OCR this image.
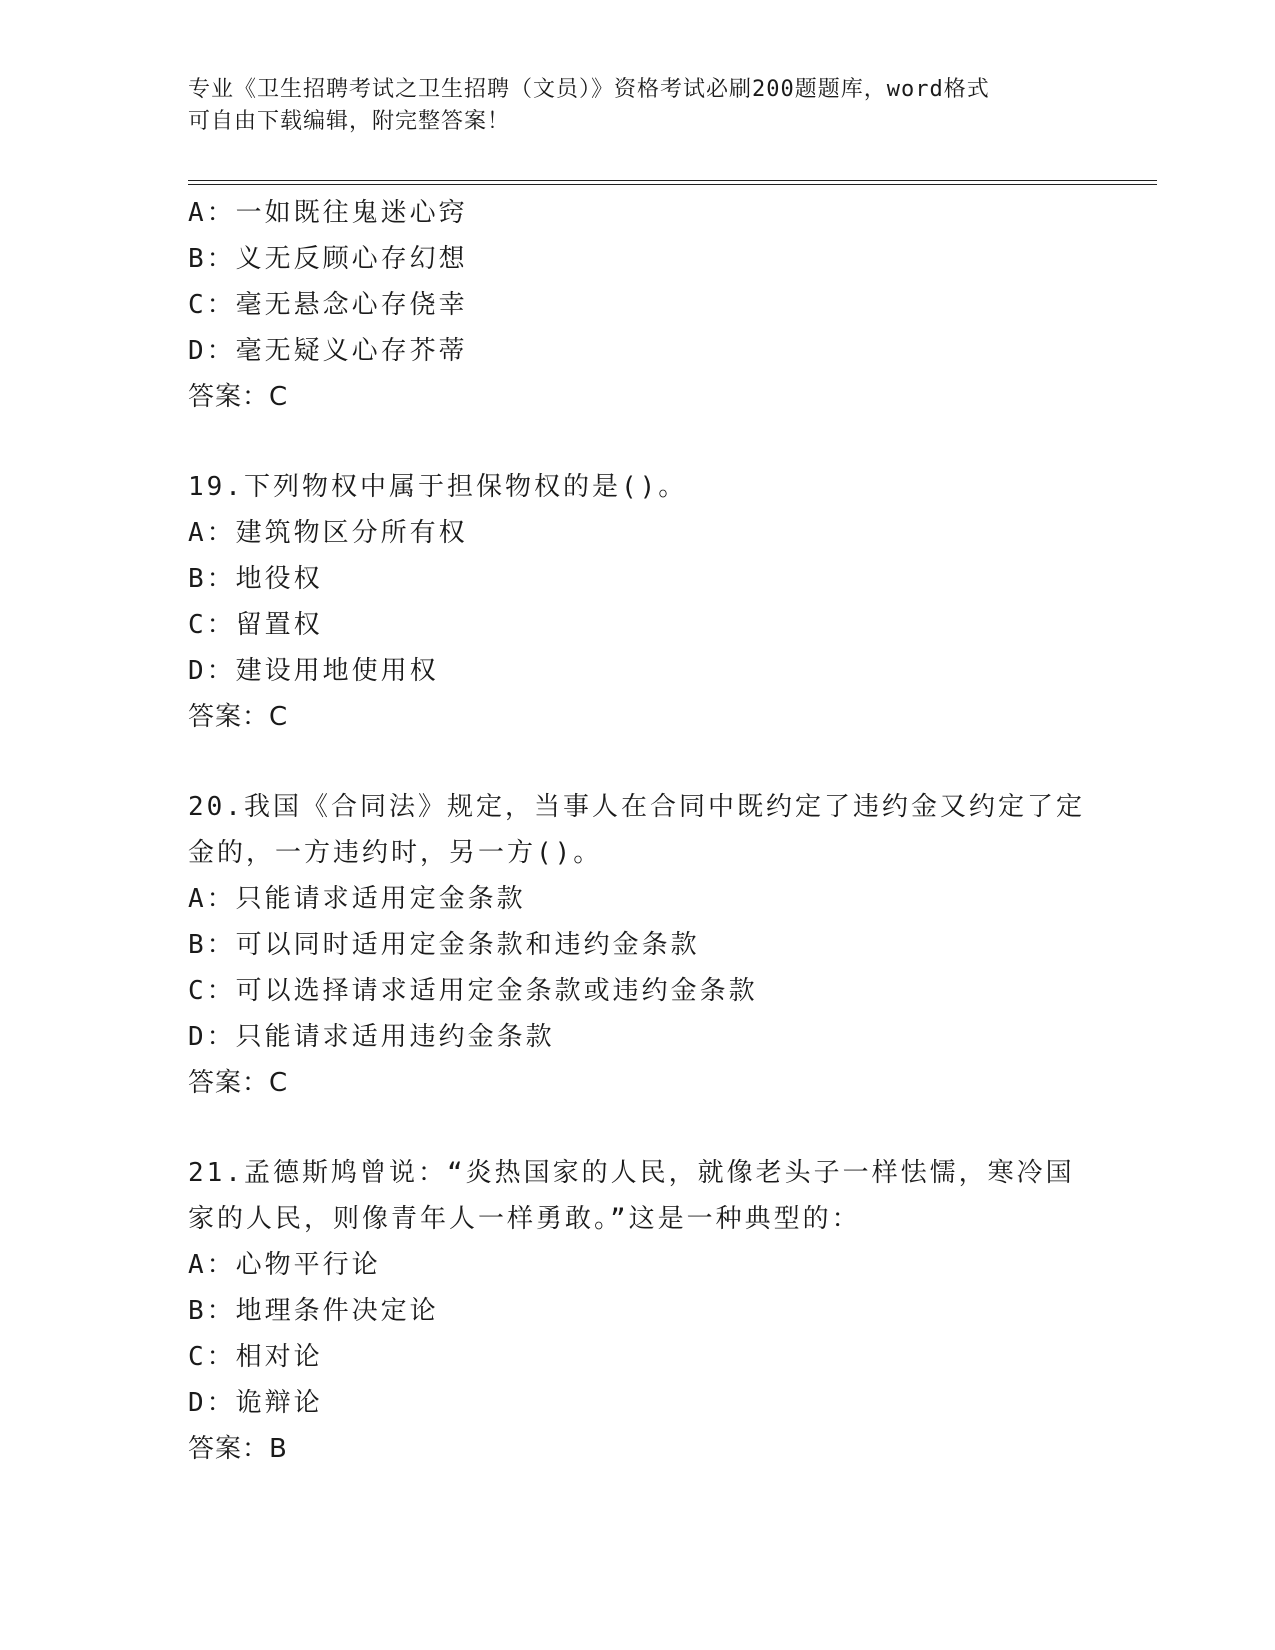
专业《卫生招聘考试之卫生招聘（文员）》资格考试必刷200题题库，word格式
可自由下载编辑，附完整答案！
A：一如既往鬼迷心窍
B：义无反顾心存幻想
C：毫无悬念心存侥幸
D：毫无疑义心存芥蒂
答案：C
19.下列物权中属于担保物权的是()。
A：建筑物区分所有权
B：地役权
C：留置权
D：建设用地使用权
答案：C
20.我国《合同法》规定，当事人在合同中既约定了违约金又约定了定
金的，一方违约时，另一方()。
A：只能请求适用定金条款
B：可以同时适用定金条款和违约金条款
C：可以选择请求适用定金条款或违约金条款
D：只能请求适用违约金条款
答案：C
21.孟德斯鸠曾说：“炎热国家的人民，就像老头子一样怯懦，寒冷国
家的人民，则像青年人一样勇敢。”这是一种典型的：
A：心物平行论
B：地理条件决定论
C：相对论
D：诡辩论
答案：B
